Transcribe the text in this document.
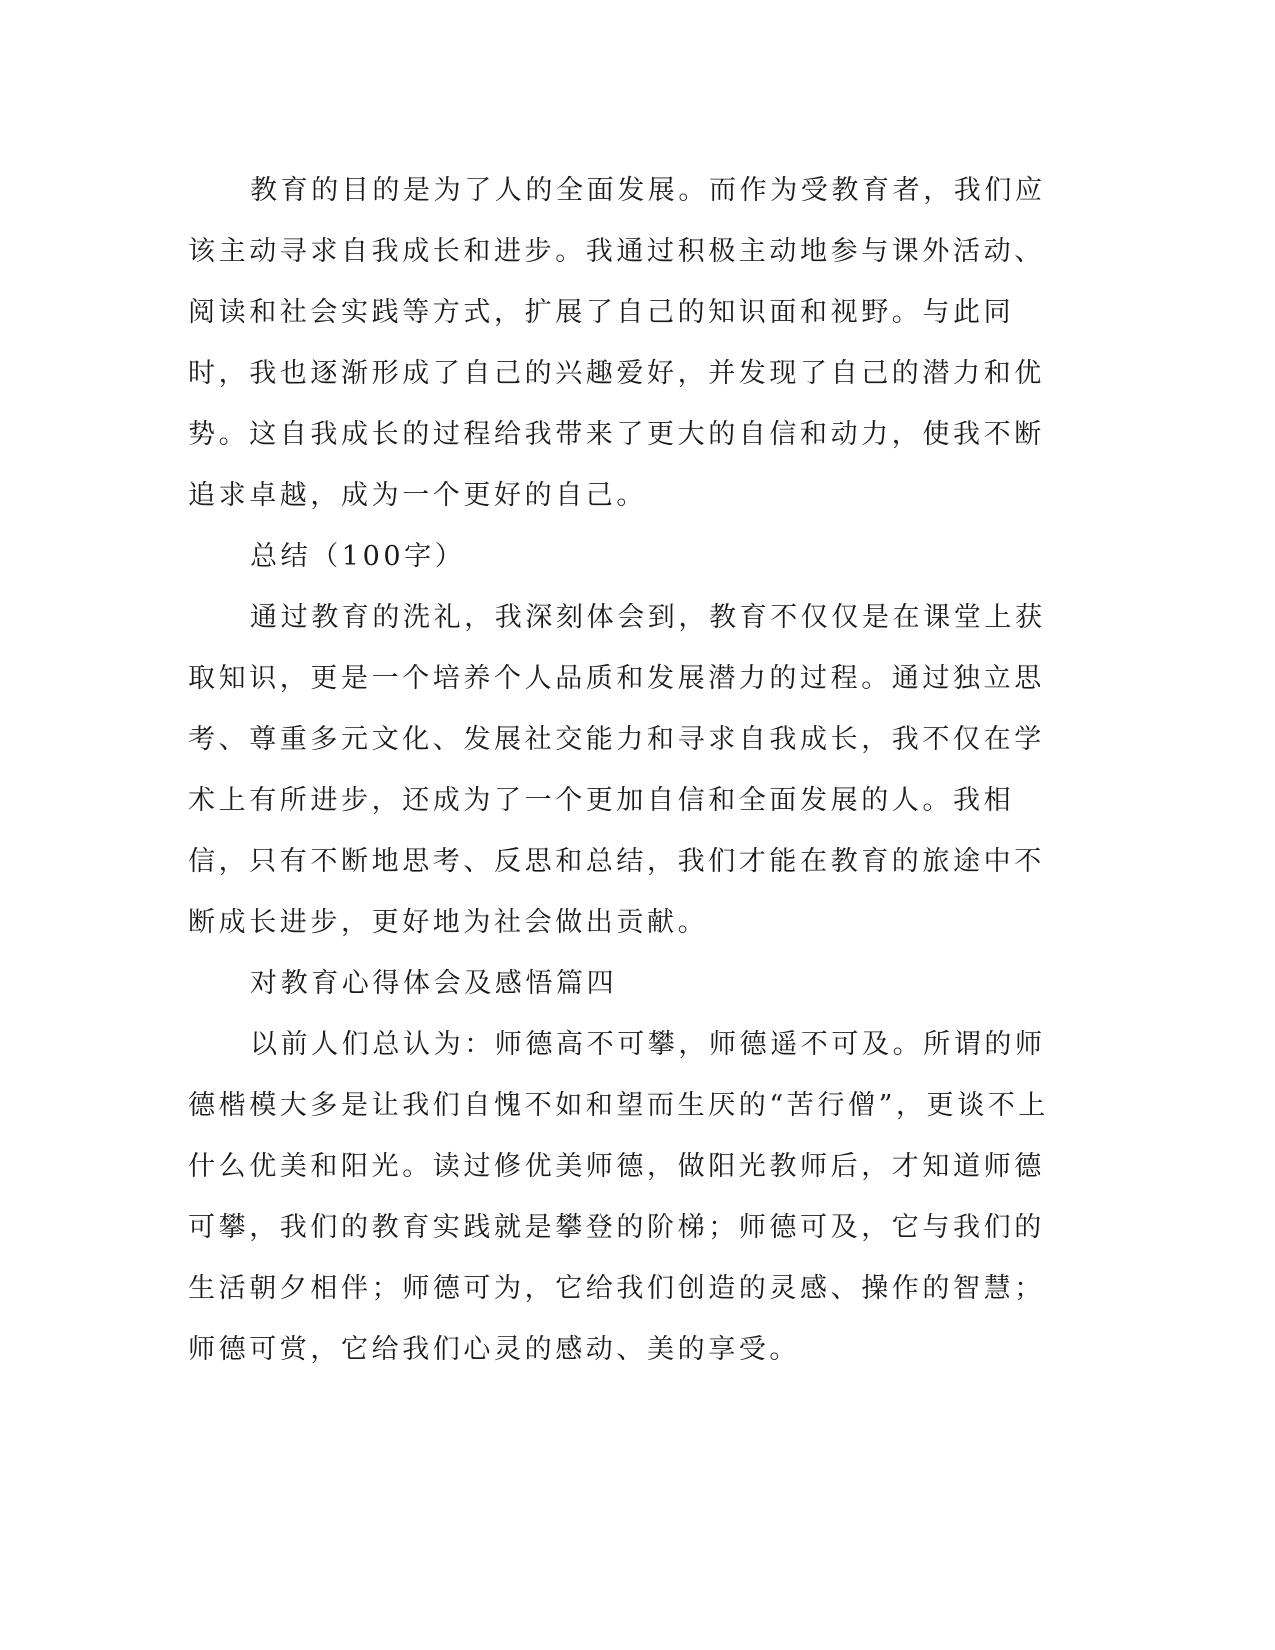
教育的目的是为了人的全面发展。而作为受教育者，我们应该主动寻求自我成长和进步。我通过积极主动地参与课外活动、阅读和社会实践等方式，扩展了自己的知识面和视野。与此同时，我也逐渐形成了自己的兴趣爱好，并发现了自己的潜力和优势。这自我成长的过程给我带来了更大的自信和动力，使我不断追求卓越，成为一个更好的自己。

总结（100字）

通过教育的洗礼，我深刻体会到，教育不仅仅是在课堂上获取知识，更是一个培养个人品质和发展潜力的过程。通过独立思考、尊重多元文化、发展社交能力和寻求自我成长，我不仅在学术上有所进步，还成为了一个更加自信和全面发展的人。我相信，只有不断地思考、反思和总结，我们才能在教育的旅途中不断成长进步，更好地为社会做出贡献。

对教育心得体会及感悟篇四

以前人们总认为：师德高不可攀，师德遥不可及。所谓的师德楷模大多是让我们自愧不如和望而生厌的“苦行僧”，更谈不上什么优美和阳光。读过修优美师德，做阳光教师后，才知道师德可攀，我们的教育实践就是攀登的阶梯；师德可及，它与我们的生活朝夕相伴；师德可为，它给我们创造的灵感、操作的智慧；师德可赏，它给我们心灵的感动、美的享受。
